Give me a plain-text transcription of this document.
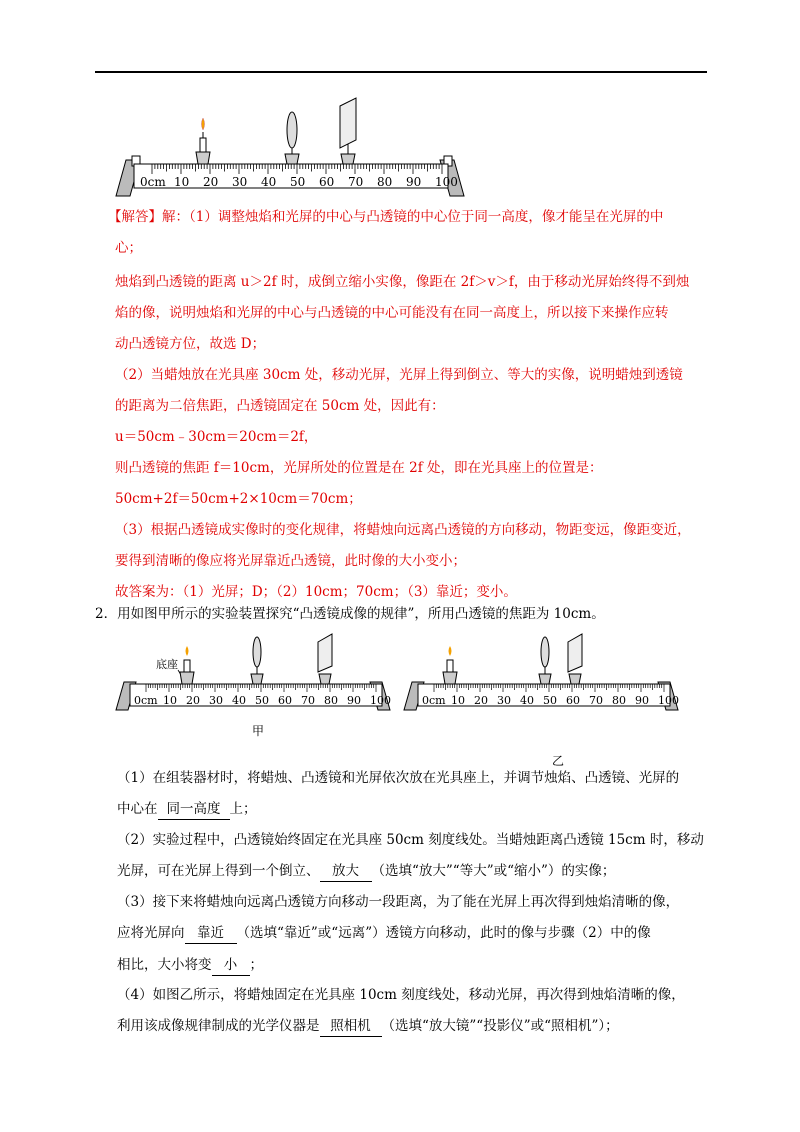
0cm 10 20 30 40 50 60 70 80 90 100
【解答】解：（1）调整烛焰和光屏的中心与凸透镜的中心位于同一高度，像才能呈在光屏的中
心；
烛焰到凸透镜的距离 u＞2f 时，成倒立缩小实像，像距在 2f＞v＞f，由于移动光屏始终得不到烛
焰的像，说明烛焰和光屏的中心与凸透镜的中心可能没有在同一高度上，所以接下来操作应转
动凸透镜方位，故选 D；
（2）当蜡烛放在光具座 30cm 处，移动光屏，光屏上得到倒立、等大的实像，说明蜡烛到透镜
的距离为二倍焦距，凸透镜固定在 50cm 处，因此有：
u＝50cm﹣30cm＝20cm＝2f，
则凸透镜的焦距 f＝10cm，光屏所处的位置是在 2f 处，即在光具座上的位置是：
50cm+2f＝50cm+2×10cm＝70cm；
（3）根据凸透镜成实像时的变化规律，将蜡烛向远离凸透镜的方向移动，物距变远，像距变近，
要得到清晰的像应将光屏靠近凸透镜，此时像的大小变小；
故答案为：（1）光屏；D；（2）10cm；70cm；（3）靠近；变小。
2．用如图甲所示的实验装置探究“凸透镜成像的规律”，所用凸透镜的焦距为 10cm。
0cm 10 20 30 40 50 60 70 80 90 100
底座
甲
0cm 10 20 30 40 50 60 70 80 90 100
乙
（1）在组装器材时，将蜡烛、凸透镜和光屏依次放在光具座上，并调节烛焰、凸透镜、光屏的
中心在 同一高度 上；
（2）实验过程中，凸透镜始终固定在光具座 50cm 刻度线处。当蜡烛距离凸透镜 15cm 时，移动
光屏，可在光屏上得到一个倒立、 放大 （选填“放大”“等大”或“缩小”）的实像；
（3）接下来将蜡烛向远离凸透镜方向移动一段距离，为了能在光屏上再次得到烛焰清晰的像，
应将光屏向 靠近 （选填“靠近”或“远离”）透镜方向移动，此时的像与步骤（2）中的像
相比，大小将变 小 ；
（4）如图乙所示，将蜡烛固定在光具座 10cm 刻度线处，移动光屏，再次得到烛焰清晰的像，
利用该成像规律制成的光学仪器是 照相机 （选填“放大镜”“投影仪”或“照相机”）；
